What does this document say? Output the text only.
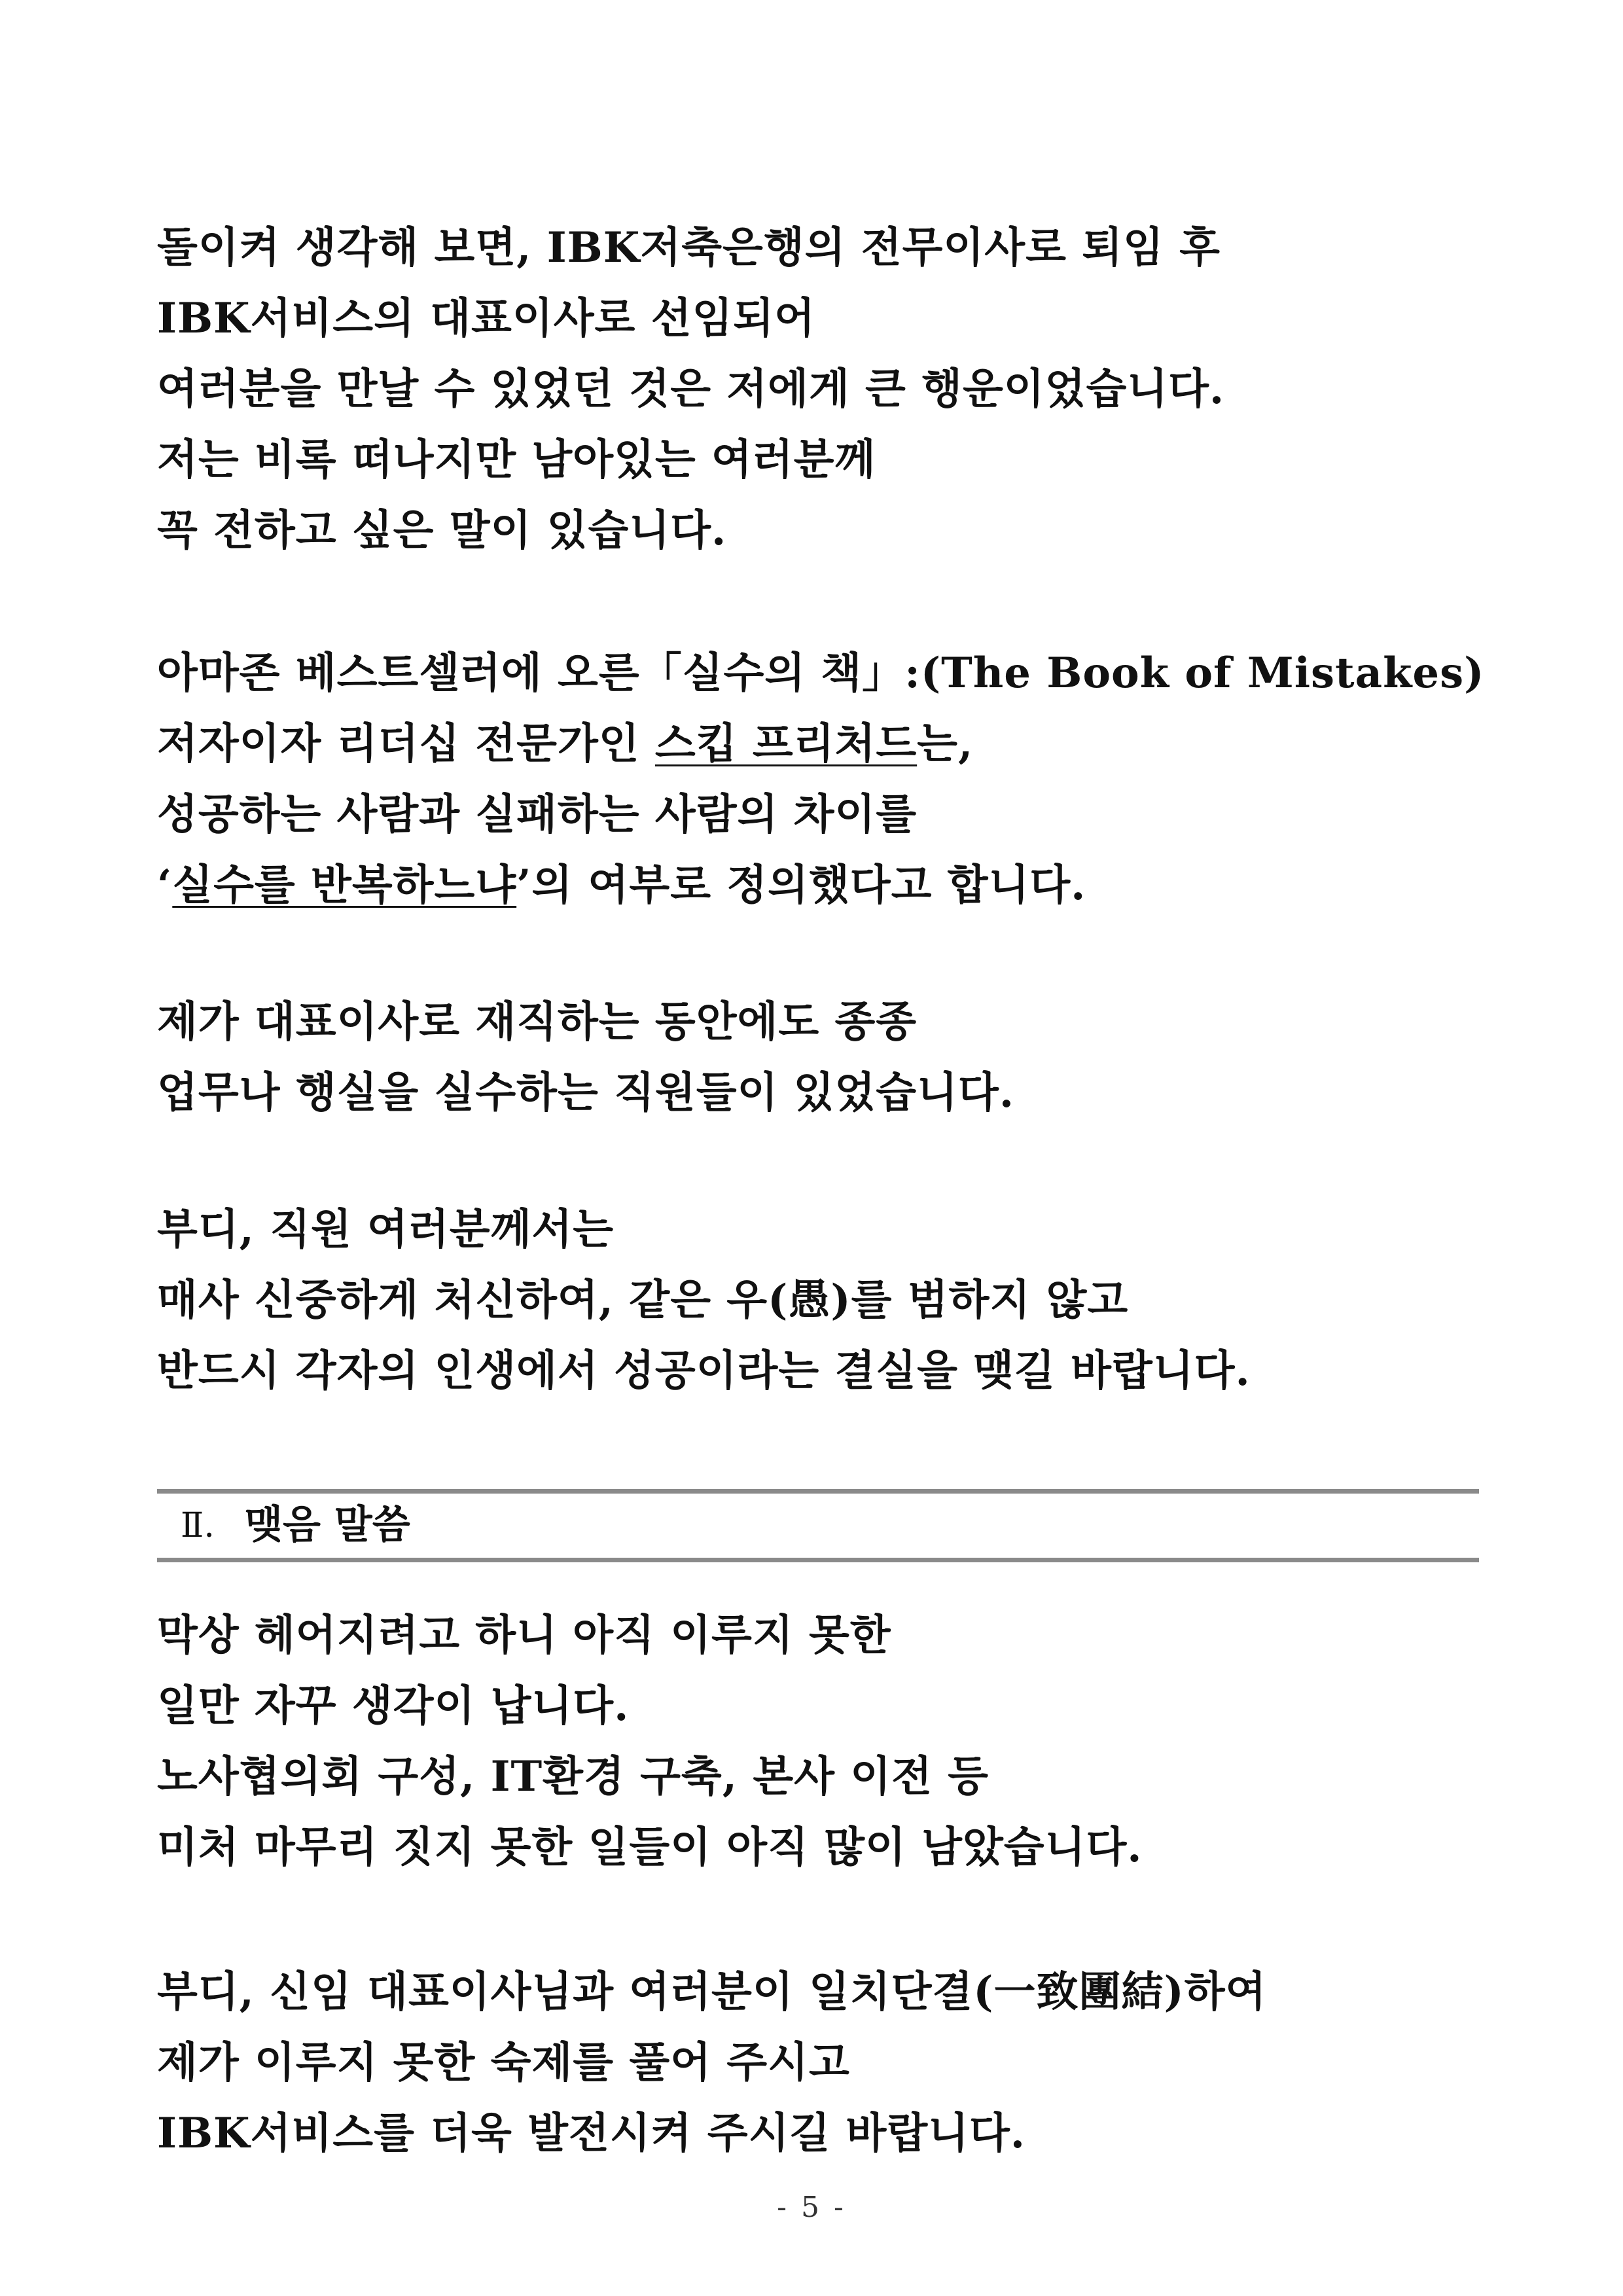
돌이켜 생각해 보면, IBK저축은행의 전무이사로 퇴임 후
IBK서비스의 대표이사로 선임되어
여러분을 만날 수 있었던 것은 저에게 큰 행운이었습니다.
저는 비록 떠나지만 남아있는 여러분께
꼭 전하고 싶은 말이 있습니다.
아마존 베스트셀러에 오른「실수의 책」:(The Book of Mistakes)
저자이자 리더십 전문가인 스킵 프리처드는,
성공하는 사람과 실패하는 사람의 차이를
‘실수를 반복하느냐’의 여부로 정의했다고 합니다.
제가 대표이사로 재직하는 동안에도 종종
업무나 행실을 실수하는 직원들이 있었습니다.
부디, 직원 여러분께서는
매사 신중하게 처신하여, 같은 우(愚)를 범하지 않고
반드시 각자의 인생에서 성공이라는 결실을 맺길 바랍니다.
Ⅱ. 맺음 말씀
막상 헤어지려고 하니 아직 이루지 못한
일만 자꾸 생각이 납니다.
노사협의회 구성, IT환경 구축, 본사 이전 등
미처 마무리 짓지 못한 일들이 아직 많이 남았습니다.
부디, 신임 대표이사님과 여러분이 일치단결(一致團結)하여
제가 이루지 못한 숙제를 풀어 주시고
IBK서비스를 더욱 발전시켜 주시길 바랍니다.
- 5 -
